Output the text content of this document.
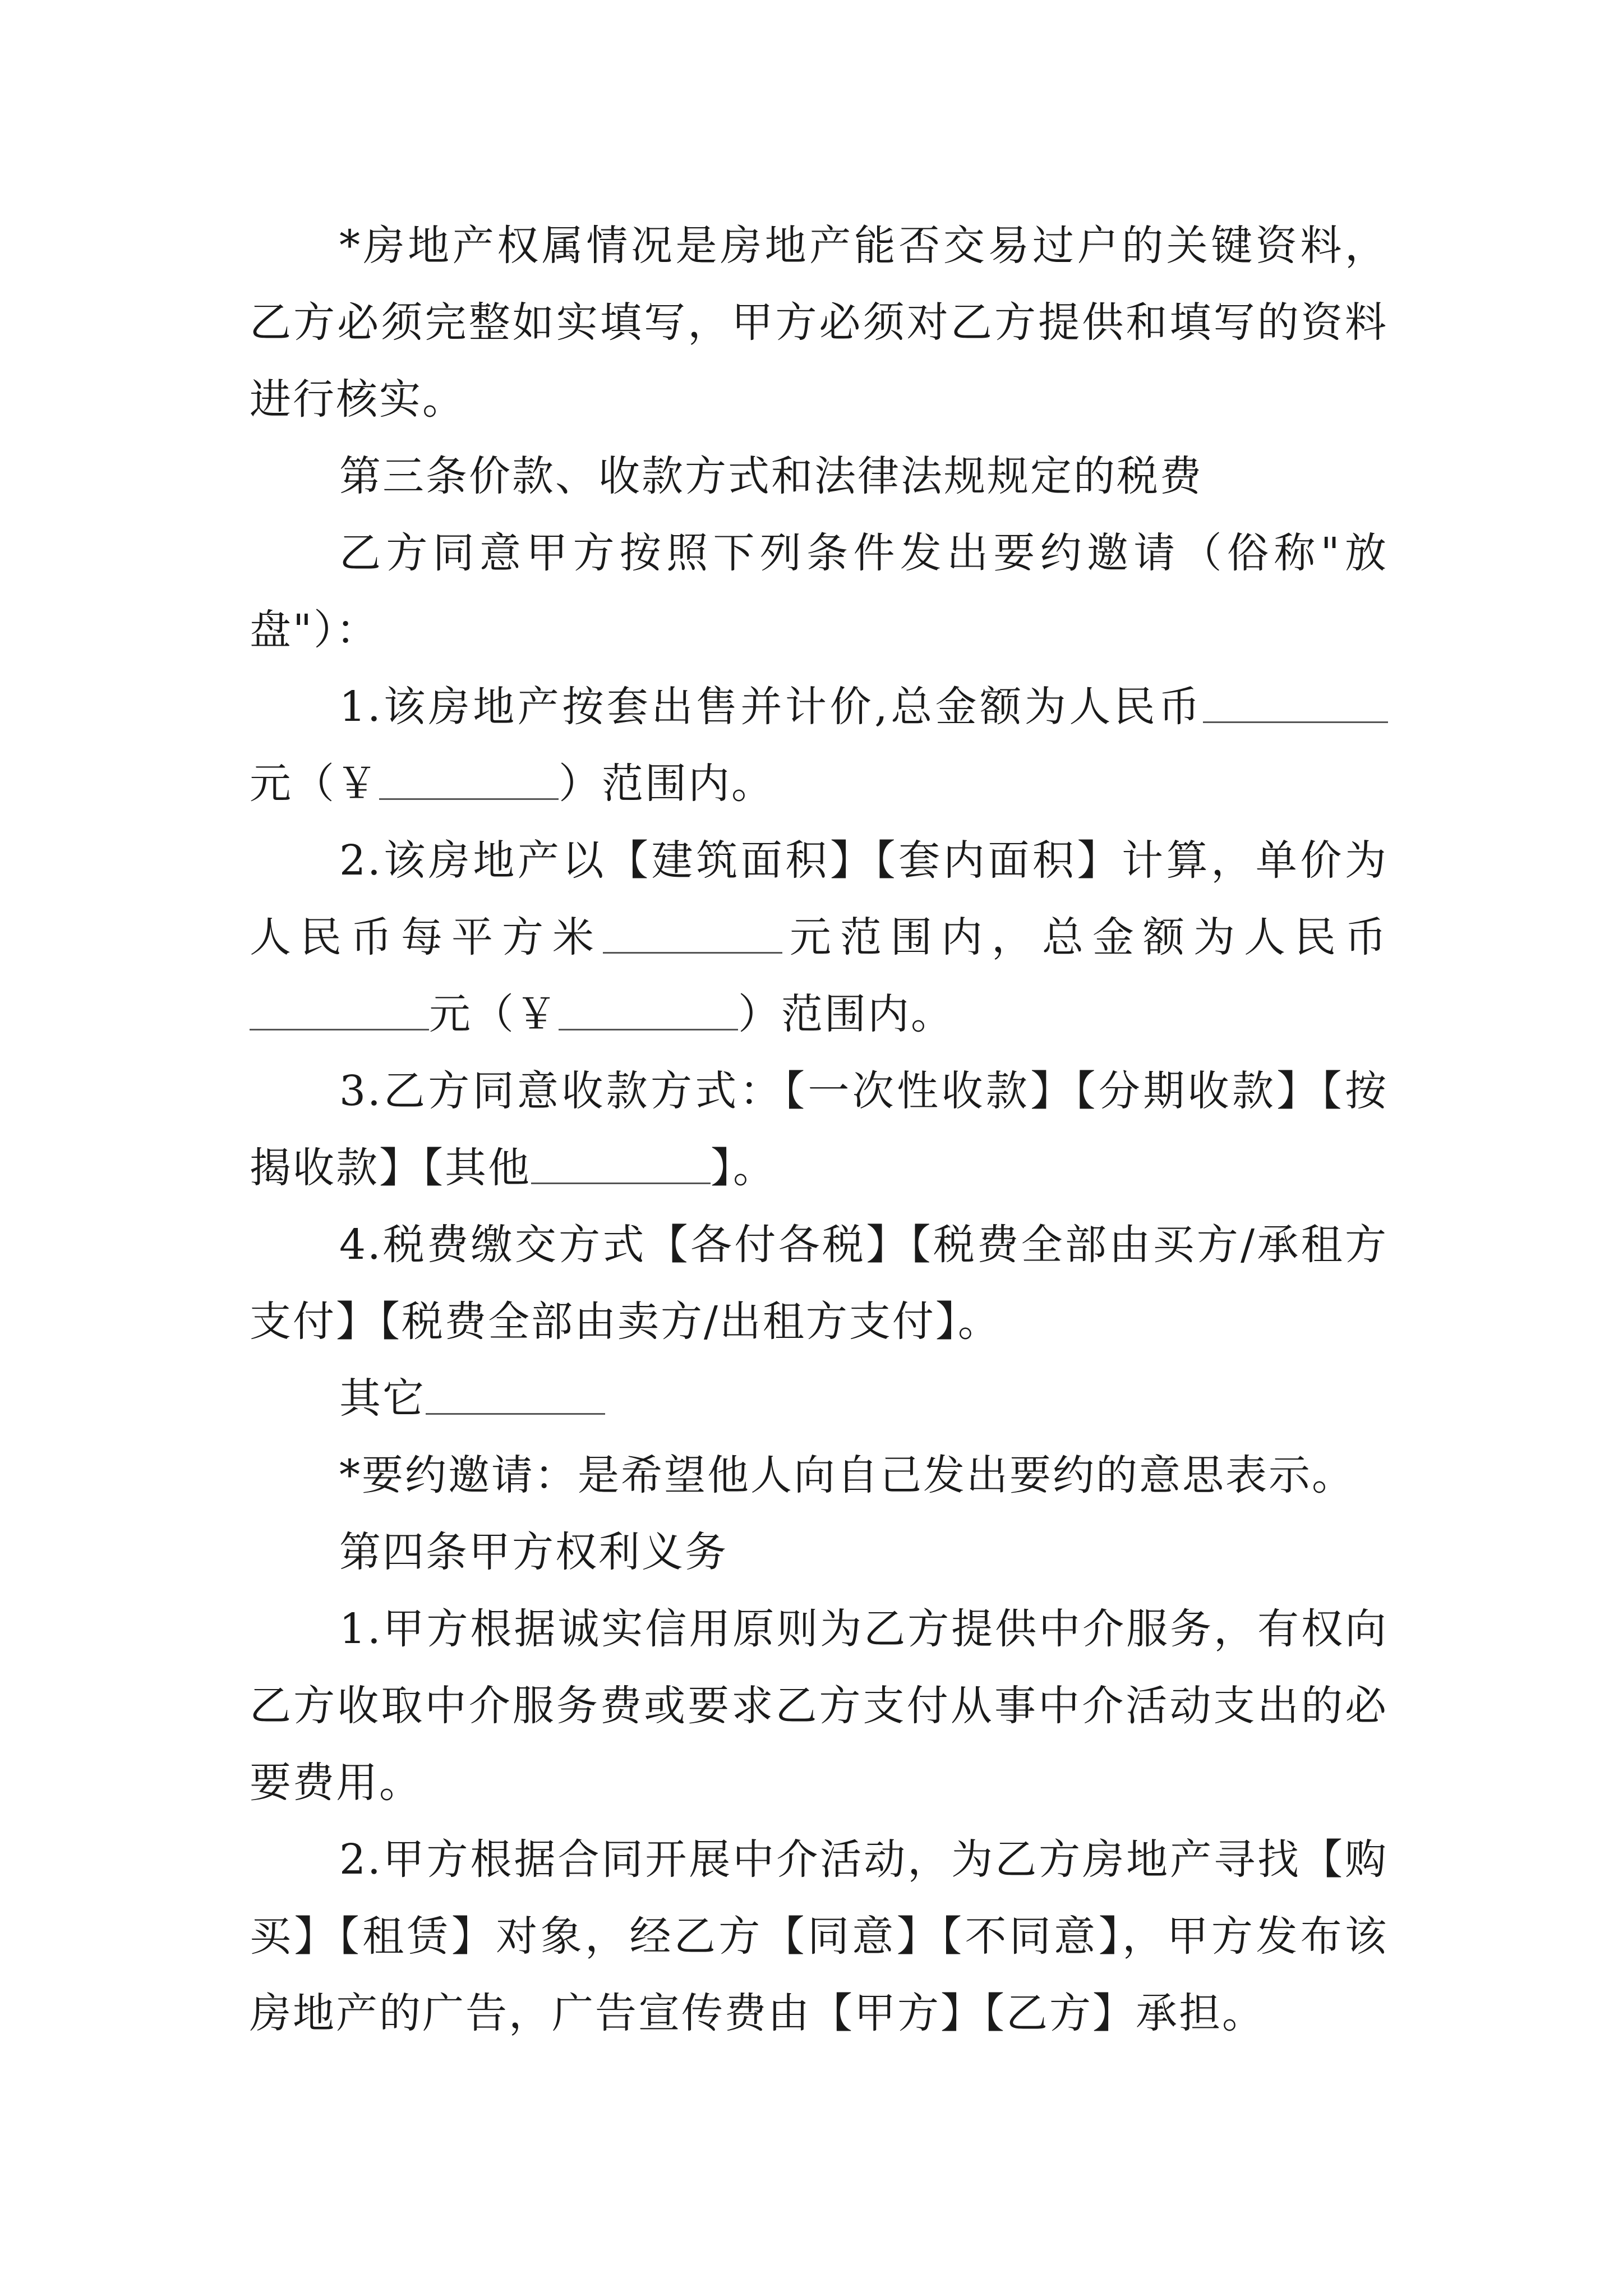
*房地产权属情况是房地产能否交易过户的关键资料，乙方必须完整如实填写，甲方必须对乙方提供和填写的资料进行核实。

第三条价款、收款方式和法律法规规定的税费

乙方同意甲方按照下列条件发出要约邀请（俗称"放盘"）：

1.该房地产按套出售并计价,总金额为人民币元（￥	）范围内。

2.该房地产以【建筑面积】【套内面积】计算，单价为人民币每平方米	元范围内，总金额为人民币元（￥	）范围内。

3.乙方同意收款方式：【一次性收款】【分期收款】【按揭收款】【其他	】。

4.税费缴交方式【各付各税】【税费全部由买方/承租方支付】【税费全部由卖方/出租方支付】。

其它

*要约邀请：是希望他人向自己发出要约的意思表示。

第四条甲方权利义务

1.甲方根据诚实信用原则为乙方提供中介服务，有权向乙方收取中介服务费或要求乙方支付从事中介活动支出的必要费用。

2.甲方根据合同开展中介活动，为乙方房地产寻找【购买】【租赁】对象，经乙方【同意】【不同意】，甲方发布该房地产的广告，广告宣传费由【甲方】【乙方】承担。
